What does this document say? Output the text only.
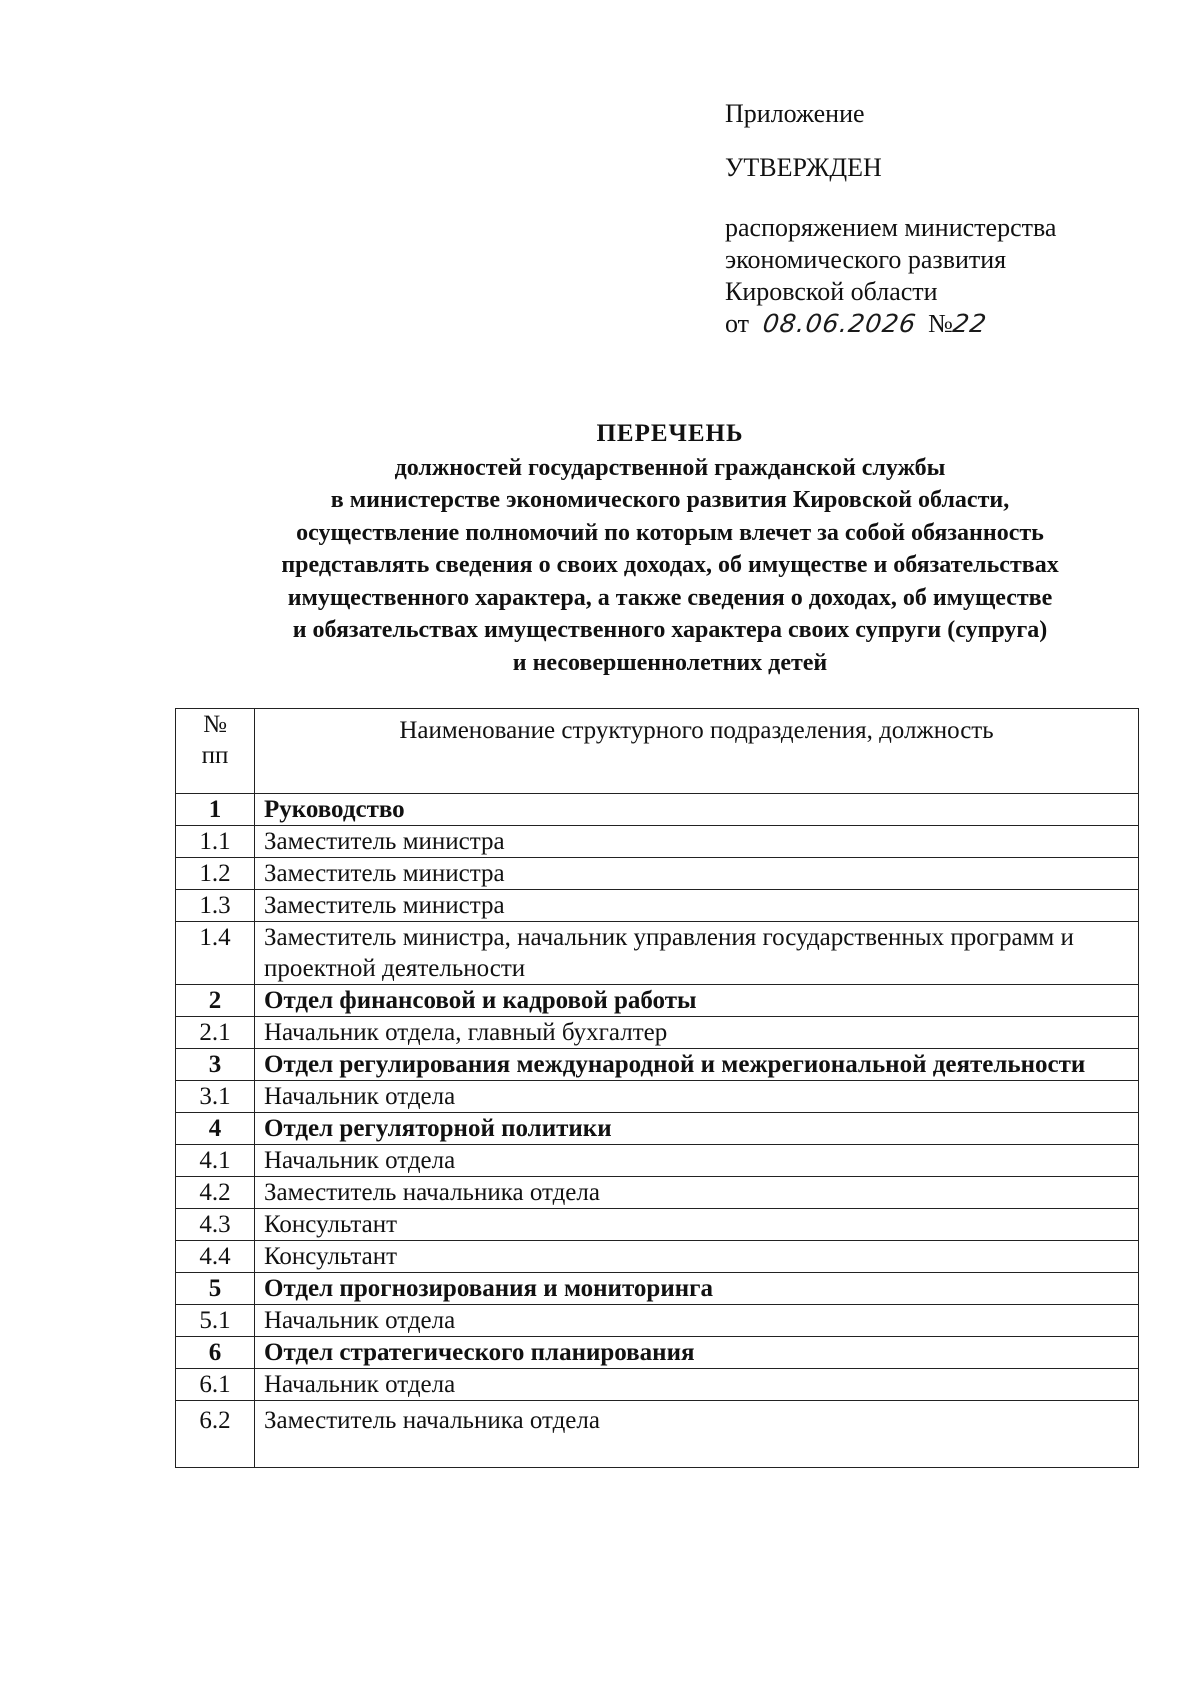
Приложение
УТВЕРЖДЕН
распоряжением министерства
экономического развития
Кировской области
от 08.06.2026 №22
ПЕРЕЧЕНЬ
должностей государственной гражданской службы
в министерстве экономического развития Кировской области,
осуществление полномочий по которым влечет за собой обязанность
представлять сведения о своих доходах, об имуществе и обязательствах
имущественного характера, а также сведения о доходах, об имуществе
и обязательствах имущественного характера своих супруги (супруга)
и несовершеннолетних детей
№
пп	Наименование структурного подразделения, должность
1	Руководство
1.1	Заместитель министра
1.2	Заместитель министра
1.3	Заместитель министра
1.4	Заместитель министра, начальник управления государственных программ и проектной деятельности
2	Отдел финансовой и кадровой работы
2.1	Начальник отдела, главный бухгалтер
3	Отдел регулирования международной и межрегиональной деятельности
3.1	Начальник отдела
4	Отдел регуляторной политики
4.1	Начальник отдела
4.2	Заместитель начальника отдела
4.3	Консультант
4.4	Консультант
5	Отдел прогнозирования и мониторинга
5.1	Начальник отдела
6	Отдел стратегического планирования
6.1	Начальник отдела
6.2	Заместитель начальника отдела
